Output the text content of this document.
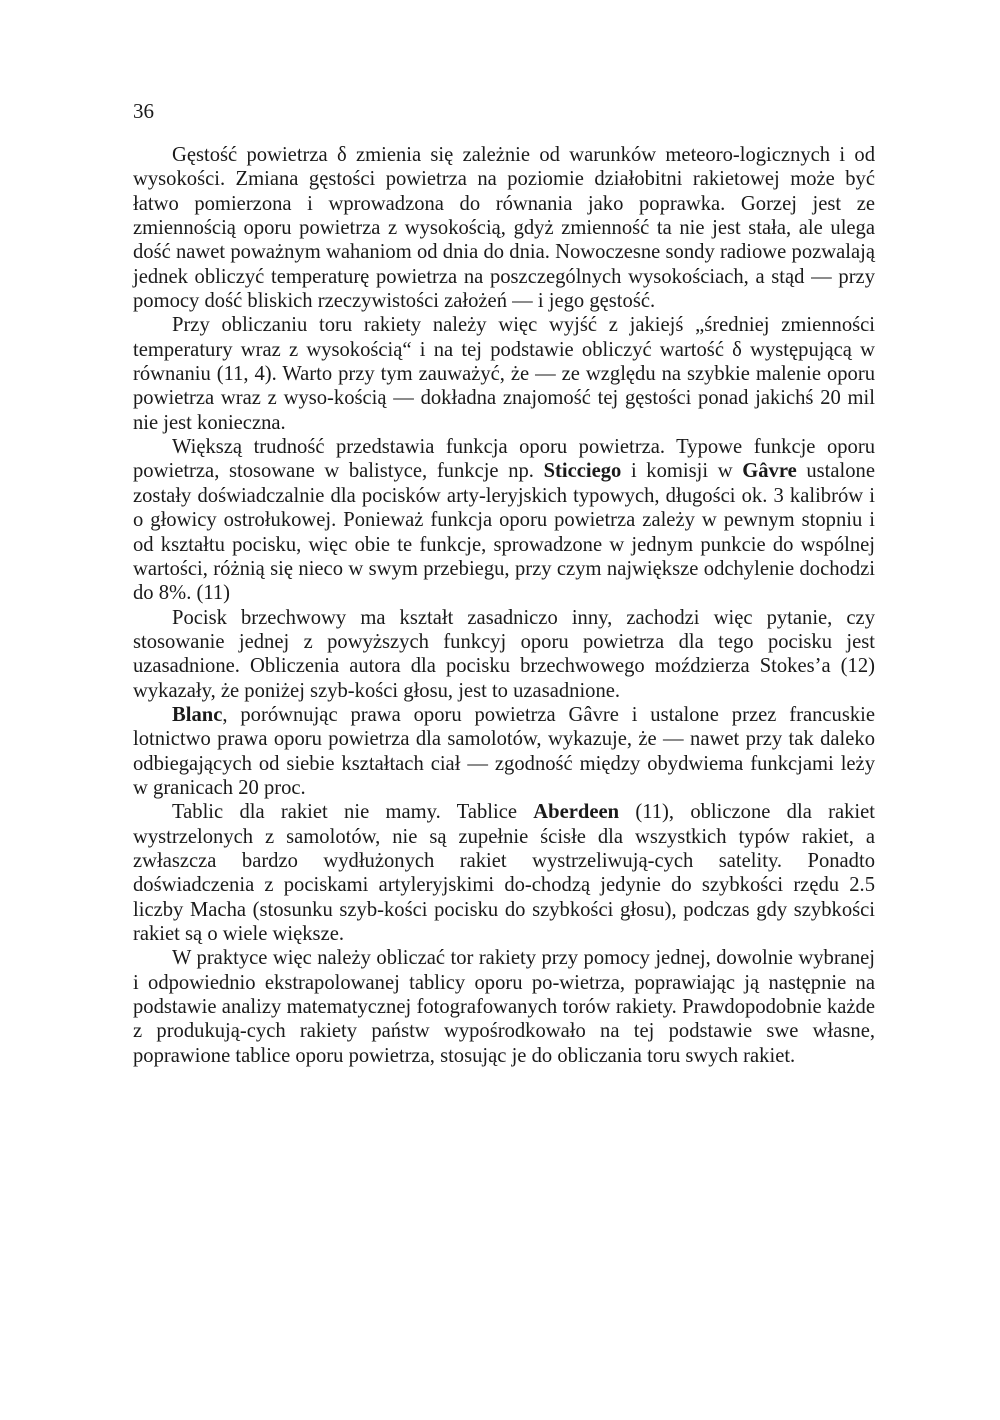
36

Gęstość powietrza δ zmienia się zależnie od warunków meteoro-logicznych i od wysokości. Zmiana gęstości powietrza na poziomie działobitni rakietowej może być łatwo pomierzona i wprowadzona do równania jako poprawka. Gorzej jest ze zmiennością oporu powietrza z wysokością, gdyż zmienność ta nie jest stała, ale ulega dość nawet poważnym wahaniom od dnia do dnia. Nowoczesne sondy radiowe pozwalają jednek obliczyć temperaturę powietrza na poszczególnych wysokościach, a stąd — przy pomocy dość bliskich rzeczywistości założeń — i jego gęstość.

Przy obliczaniu toru rakiety należy więc wyjść z jakiejś „średniej zmienności temperatury wraz z wysokością“ i na tej podstawie obliczyć wartość δ występującą w równaniu (11, 4). Warto przy tym zauważyć, że — ze względu na szybkie malenie oporu powietrza wraz z wyso-kością — dokładna znajomość tej gęstości ponad jakichś 20 mil nie jest konieczna.

Większą trudność przedstawia funkcja oporu powietrza. Typowe funkcje oporu powietrza, stosowane w balistyce, funkcje np. Sticciego i komisji w Gâvre ustalone zostały doświadczalnie dla pocisków arty-leryjskich typowych, długości ok. 3 kalibrów i o głowicy ostrołukowej. Ponieważ funkcja oporu powietrza zależy w pewnym stopniu i od kształtu pocisku, więc obie te funkcje, sprowadzone w jednym punkcie do wspólnej wartości, różnią się nieco w swym przebiegu, przy czym największe odchylenie dochodzi do 8%. (11)

Pocisk brzechwowy ma kształt zasadniczo inny, zachodzi więc pytanie, czy stosowanie jednej z powyższych funkcyj oporu powietrza dla tego pocisku jest uzasadnione. Obliczenia autora dla pocisku brzechwowego moździerza Stokes’a (12) wykazały, że poniżej szyb-kości głosu, jest to uzasadnione.

Blanc, porównując prawa oporu powietrza Gâvre i ustalone przez francuskie lotnictwo prawa oporu powietrza dla samolotów, wykazuje, że — nawet przy tak daleko odbiegających od siebie kształtach ciał — zgodność między obydwiema funkcjami leży w granicach 20 proc.

Tablic dla rakiet nie mamy. Tablice Aberdeen (11), obliczone dla rakiet wystrzelonych z samolotów, nie są zupełnie ścisłe dla wszystkich typów rakiet, a zwłaszcza bardzo wydłużonych rakiet wystrzeliwują-cych satelity. Ponadto doświadczenia z pociskami artyleryjskimi do-chodzą jedynie do szybkości rzędu 2.5 liczby Macha (stosunku szyb-kości pocisku do szybkości głosu), podczas gdy szybkości rakiet są o wiele większe.

W praktyce więc należy obliczać tor rakiety przy pomocy jednej, dowolnie wybranej i odpowiednio ekstrapolowanej tablicy oporu po-wietrza, poprawiając ją następnie na podstawie analizy matematycznej fotografowanych torów rakiety. Prawdopodobnie każde z produkują-cych rakiety państw wypośrodkowało na tej podstawie swe własne, poprawione tablice oporu powietrza, stosując je do obliczania toru swych rakiet.
